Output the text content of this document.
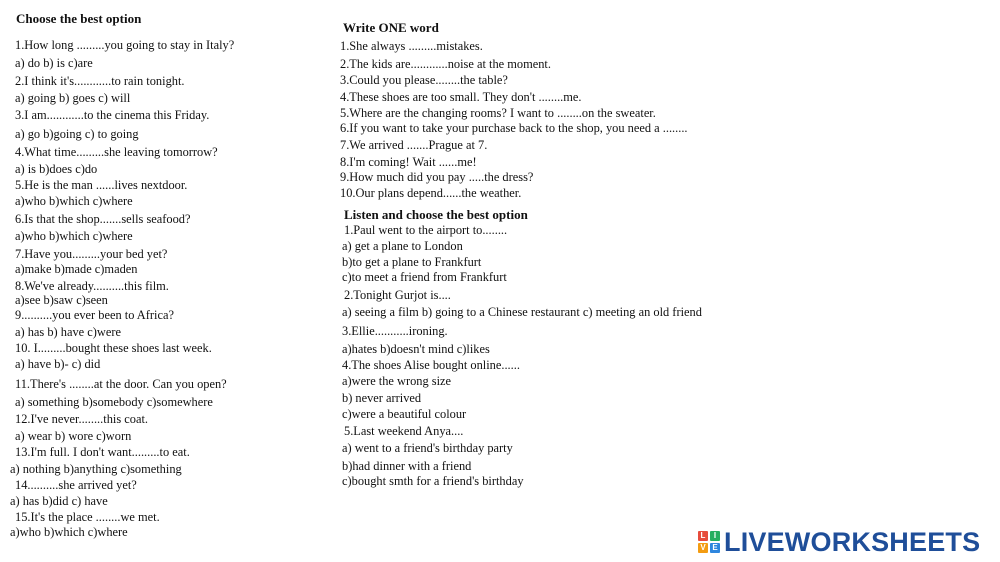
Choose the best option
1.How long .........you going to stay in Italy?
a) do b) is c)are
2.I think it's............to rain tonight.
a) going b) goes c) will
3.I am............to the cinema this Friday.
a) go b)going c) to going
4.What time.........she leaving tomorrow?
a) is b)does c)do
5.He is the man ......lives nextdoor.
a)who b)which c)where
6.Is that the shop.......sells seafood?
a)who b)which c)where
7.Have you.........your bed yet?
a)make b)made c)maden
8.We've already..........this film.
a)see b)saw c)seen
9..........you ever been to Africa?
a) has b) have c)were
10. I.........bought these shoes last week.
a) have b)- c) did
11.There's ........at the door. Can you open?
a) something b)somebody c)somewhere
12.I've never........this coat.
a) wear b) wore c)worn
13.I'm full. I don't want.........to eat.
a) nothing b)anything c)something
14..........she arrived yet?
a) has b)did c) have
15.It's the place ........we met.
a)who b)which c)where
Write ONE word
1.She always .........mistakes.
2.The kids are............noise at the moment.
3.Could you please........the table?
4.These shoes are too small. They don't ........me.
5.Where are the changing rooms? I want to ........on the sweater.
6.If you want to take your purchase back to the shop, you need a ........
7.We arrived .......Prague at 7.
8.I'm coming! Wait ......me!
9.How much did you pay .....the dress?
10.Our plans depend......the weather.
Listen and choose the best option
1.Paul went to the airport to........
a) get a plane to London
b)to get a plane to Frankfurt
c)to meet a friend from Frankfurt
2.Tonight Gurjot is....
a) seeing a film b) going to a Chinese restaurant c) meeting an old friend
3.Ellie...........ironing.
a)hates b)doesn't mind c)likes
4.The shoes Alise bought online......
a)were the wrong size
b) never arrived
c)were a beautiful colour
5.Last weekend Anya....
a) went to a friend's birthday party
b)had dinner with a friend
c)bought smth for a friend's birthday
L	I
V E LIVEWORKSHEETS
